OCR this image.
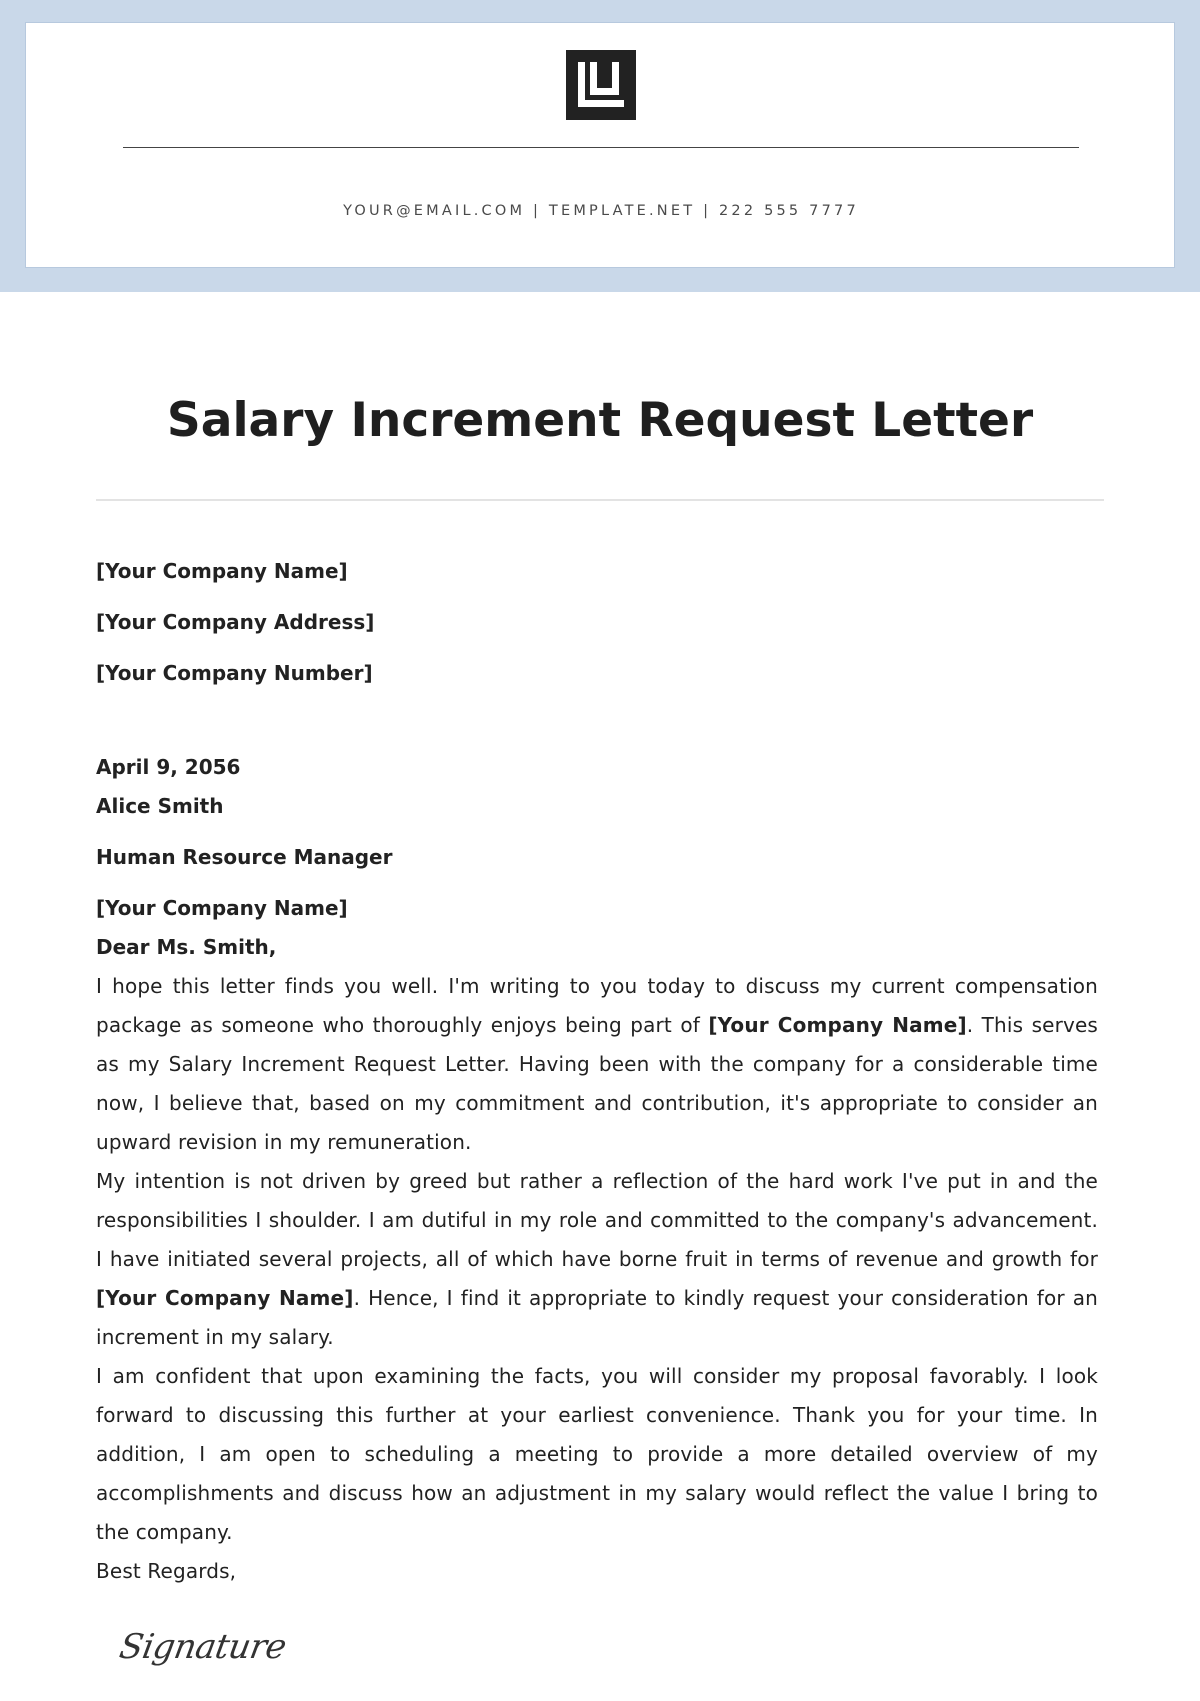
YOUR@EMAIL.COM | TEMPLATE.NET | 222 555 7777
Salary Increment Request Letter

[Your Company Name]

[Your Company Address]

[Your Company Number]

April 9, 2056

Alice Smith

Human Resource Manager

[Your Company Name]

Dear Ms. Smith,

I hope this letter finds you well. I'm writing to you today to discuss my current compensation package as someone who thoroughly enjoys being part of [Your Company Name]. This serves as my Salary Increment Request Letter. Having been with the company for a considerable time now, I believe that, based on my commitment and contribution, it's appropriate to consider an upward revision in my remuneration.

My intention is not driven by greed but rather a reflection of the hard work I've put in and the responsibilities I shoulder. I am dutiful in my role and committed to the company's advancement. I have initiated several projects, all of which have borne fruit in terms of revenue and growth for [Your Company Name]. Hence, I find it appropriate to kindly request your consideration for an increment in my salary.

I am confident that upon examining the facts, you will consider my proposal favorably. I look forward to discussing this further at your earliest convenience. Thank you for your time. In addition, I am open to scheduling a meeting to provide a more detailed overview of my accomplishments and discuss how an adjustment in my salary would reflect the value I bring to the company.

Best Regards,

Signature
